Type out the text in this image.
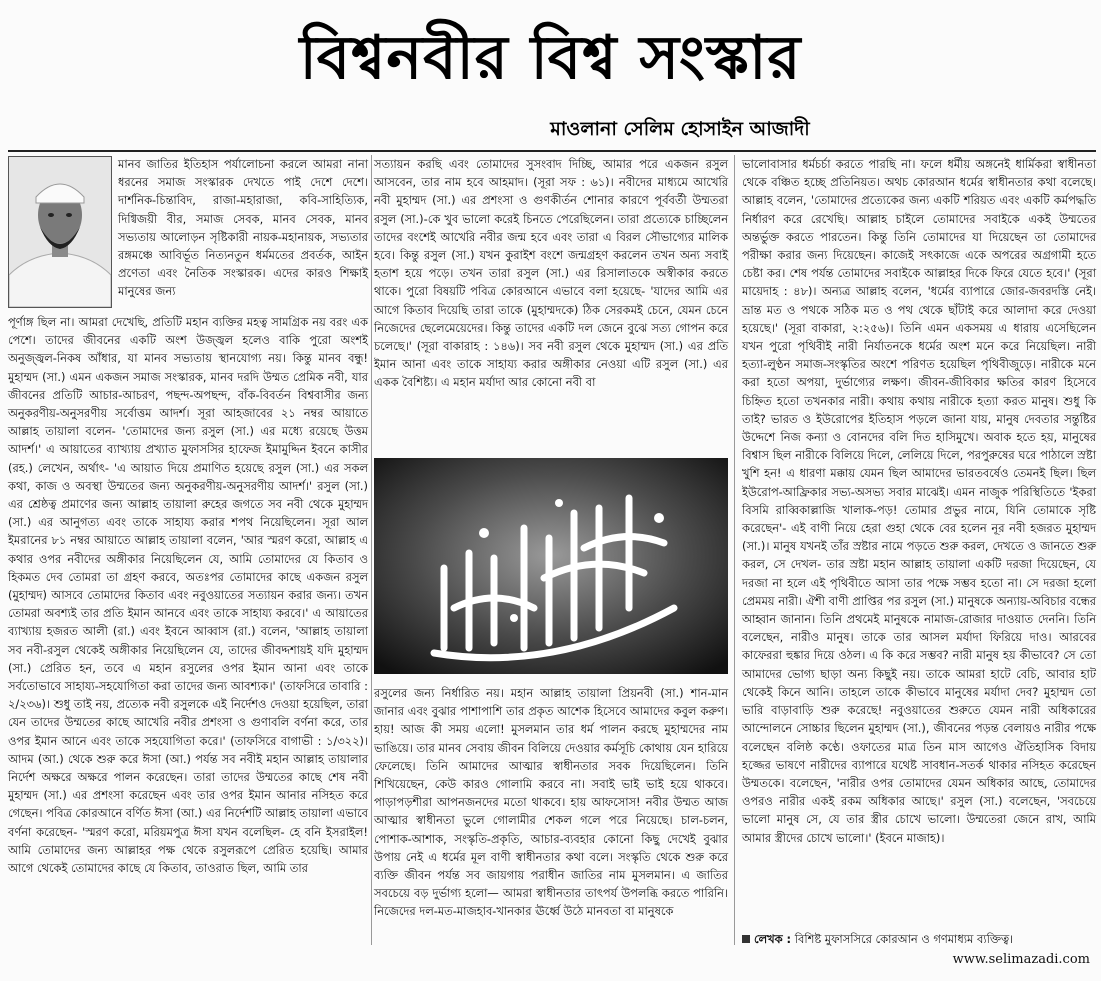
বিশ্বনবীর বিশ্ব সংস্কার
মাওলানা সেলিম হোসাইন আজাদী

মানব জাতির ইতিহাস পর্যালোচনা করলে আমরা নানা ধরনের সমাজ সংস্কারক দেখতে পাই দেশে দেশে। দার্শনিক-চিন্তাবিদ, রাজা-মহারাজা, কবি-সাহিত্যিক, দিগ্বিজয়ী বীর, সমাজ সেবক, মানব সেবক, মানব সভ্যতায় আলোড়ন সৃষ্টিকারী নায়ক-মহানায়ক, সভ্যতার রঙ্গমঞ্চে আবির্ভূত নিত্যনতুন ধর্মমতের প্রবর্তক, আইন প্রণেতা এবং নৈতিক সংস্কারক। এদের কারও শিক্ষাই মানুষের জন্য

পূর্ণাঙ্গ ছিল না। আমরা দেখেছি, প্রতিটি মহান ব্যক্তির মহত্ব সামগ্রিক নয় বরং এক পেশে। তাদের জীবনের একটি অংশ উজ্জ্বল হলেও বাকি পুরো অংশই অনুজ্জ্বল-নিকষ আঁধার, যা মানব সভ্যতায় স্থানযোগ্য নয়। কিন্তু মানব বন্ধু! মুহাম্মদ (সা.) এমন একজন সমাজ সংস্কারক, মানব দরদি উম্মত প্রেমিক নবী, যার জীবনের প্রতিটি আচার-আচরণ, পছন্দ-অপছন্দ, বাঁক-বিবর্তন বিশ্ববাসীর জন্য অনুকরণীয়-অনুসরণীয় সর্বোত্তম আদর্শ। সূরা আহজাবের ২১ নম্বর আয়াতে আল্লাহ তায়ালা বলেন- 'তোমাদের জন্য রসুল (সা.) এর মধ্যে রয়েছে উত্তম আদর্শ।' এ আয়াতের ব্যাখ্যায় প্রখ্যাত মুফাসসির হাফেজ ইমামুদ্দিন ইবনে কাসীর (রহ.) লেখেন, অর্থাৎ- 'এ আয়াত দিয়ে প্রমাণিত হয়েছে রসুল (সা.) এর সকল কথা, কাজ ও অবস্থা উম্মতের জন্য অনুকরণীয়-অনুসরণীয় আদর্শ।' রসুল (সা.) এর শ্রেষ্ঠত্ব প্রমাণের জন্য আল্লাহ তায়ালা রুহের জগতে সব নবী থেকে মুহাম্মদ (সা.) এর আনুগত্য এবং তাকে সাহায্য করার শপথ নিয়েছিলেন। সূরা আল ইমরানের ৮১ নম্বর আয়াতে আল্লাহ তায়ালা বলেন, 'আর স্মরণ করো, আল্লাহ এ কথার ওপর নবীদের অঙ্গীকার নিয়েছিলেন যে, আমি তোমাদের যে কিতাব ও হিকমত দেব তোমরা তা গ্রহণ করবে, অতঃপর তোমাদের কাছে একজন রসুল (মুহাম্মদ) আসবে তোমাদের কিতাব এবং নবুওয়াতের সত্যায়ন করার জন্য। তখন তোমরা অবশ্যই তার প্রতি ইমান আনবে এবং তাকে সাহায্য করবে।' এ আয়াতের ব্যাখ্যায় হজরত আলী (রা.) এবং ইবনে আব্বাস (রা.) বলেন, 'আল্লাহ তায়ালা সব নবী-রসুল থেকেই অঙ্গীকার নিয়েছিলেন যে, তাদের জীবদ্দশায়ই যদি মুহাম্মদ (সা.) প্রেরিত হন, তবে এ মহান রসুলের ওপর ইমান আনা এবং তাকে সর্বতোভাবে সাহায্য-সহযোগিতা করা তাদের জন্য আবশ্যক।' (তাফসিরে তাবারি : ২/২৩৬)। শুধু তাই নয়, প্রত্যেক নবী রসুলকে এই নির্দেশও দেওয়া হয়েছিল, তারা যেন তাদের উম্মতের কাছে আখেরি নবীর প্রশংসা ও গুণাবলি বর্ণনা করে, তার ওপর ইমান আনে এবং তাকে সহযোগিতা করে।' (তাফসিরে বাগাভী : ১/৩২২)। আদম (আ.) থেকে শুরু করে ঈসা (আ.) পর্যন্ত সব নবীই মহান আল্লাহ তায়ালার নির্দেশ অক্ষরে অক্ষরে পালন করেছেন। তারা তাদের উম্মতের কাছে শেষ নবী মুহাম্মদ (সা.) এর প্রশংসা করেছেন এবং তার ওপর ইমান আনার নসিহত করে গেছেন। পবিত্র কোরআনে বর্ণিত ঈসা (আ.) এর নির্দেশটি আল্লাহ তায়ালা এভাবে বর্ণনা করেছেন- 'স্মরণ করো, মরিয়মপুত্র ঈসা যখন বলেছিল- হে বনি ইসরাইল! আমি তোমাদের জন্য আল্লাহর পক্ষ থেকে রসুলরূপে প্রেরিত হয়েছি। আমার আগে থেকেই তোমাদের কাছে যে কিতাব, তাওরাত ছিল, আমি তার

সত্যায়ন করছি এবং তোমাদের সুসংবাদ দিচ্ছি, আমার পরে একজন রসুল আসবেন, তার নাম হবে আহমাদ। (সূরা সফ : ৬১)। নবীদের মাধ্যমে আখেরি নবী মুহাম্মদ (সা.) এর প্রশংসা ও গুণকীর্তন শোনার কারণে পূর্ববর্তী উম্মতরা রসুল (সা.)-কে খুব ভালো করেই চিনতে পেরেছিলেন। তারা প্রত্যেকে চাচ্ছিলেন তাদের বংশেই আখেরি নবীর জন্ম হবে এবং তারা এ বিরল সৌভাগ্যের মালিক হবে। কিন্তু রসুল (সা.) যখন কুরাইশ বংশে জন্মগ্রহণ করলেন তখন অন্য সবাই হতাশ হয়ে পড়ে। তখন তারা রসুল (সা.) এর রিসালাতকে অস্বীকার করতে থাকে। পুরো বিষয়টি পবিত্র কোরআনে এভাবে বলা হয়েছে- 'যাদের আমি এর আগে কিতাব দিয়েছি তারা তাকে (মুহাম্মদকে) ঠিক সেরকমই চেনে, যেমন চেনে নিজেদের ছেলেমেয়েদের। কিন্তু তাদের একটি দল জেনে বুঝে সত্য গোপন করে চলেছে।' (সূরা বাকারাহ : ১৪৬)। সব নবী রসুল থেকে মুহাম্মদ (সা.) এর প্রতি ইমান আনা এবং তাকে সাহায্য করার অঙ্গীকার নেওয়া এটি রসুল (সা.) এর একক বৈশিষ্ট্য। এ মহান মর্যাদা আর কোনো নবী বা

রসুলের জন্য নির্ধারিত নয়। মহান আল্লাহ তায়ালা প্রিয়নবী (সা.) শান-মান জানার এবং বুঝার পাশাপাশি তার প্রকৃত আশেক হিসেবে আমাদের কবুল করুণ। হায়! আজ কী সময় এলো! মুসলমান তার ধর্ম পালন করছে মুহাম্মদের নাম ভাঙিয়ে। তার মানব সেবায় জীবন বিলিয়ে দেওয়ার কর্মসূচি কোথায় যেন হারিয়ে ফেলেছে। তিনি আমাদের আত্মার স্বাধীনতার সবক দিয়েছিলেন। তিনি শিখিয়েছেন, কেউ কারও গোলামি করবে না। সবাই ভাই ভাই হয়ে থাকবে। পাড়াপড়শীরা আপনজনদের মতো থাকবে। হায় আফসোস! নবীর উম্মত আজ আত্মার স্বাধীনতা ভুলে গোলামীর শেকল গলে পরে নিয়েছে। চাল-চলন, পোশাক-আশাক, সংস্কৃতি-প্রকৃতি, আচার-ব্যবহার কোনো কিছু দেখেই বুঝার উপায় নেই এ ধর্মের মূল বাণী স্বাধীনতার কথা বলে। সংস্কৃতি থেকে শুরু করে ব্যক্তি জীবন পর্যন্ত সব জায়গায় পরাধীন জাতির নাম মুসলমান। এ জাতির সবচেয়ে বড় দুর্ভাগ্য হলো— আমরা স্বাধীনতার তাৎপর্য উপলব্ধি করতে পারিনি। নিজেদের দল-মত-মাজহাব-খানকার ঊর্ধ্বে উঠে মানবতা বা মানুষকে

ভালোবাসার ধর্মচর্চা করতে পারছি না। ফলে ধর্মীয় অঙ্গনেই ধার্মিকরা স্বাধীনতা থেকে বঞ্চিত হচ্ছে প্রতিনিয়ত। অথচ কোরআন ধর্মের স্বাধীনতার কথা বলেছে। আল্লাহ বলেন, 'তোমাদের প্রত্যেকের জন্য একটি শরিয়ত এবং একটি কর্মপদ্ধতি নির্ধারণ করে রেখেছি। আল্লাহ চাইলে তোমাদের সবাইকে একই উম্মতের অন্তর্ভুক্ত করতে পারতেন। কিন্তু তিনি তোমাদের যা দিয়েছেন তা তোমাদের পরীক্ষা করার জন্য দিয়েছেন। কাজেই সৎকাজে একে অপরের অগ্রগামী হতে চেষ্টা কর। শেষ পর্যন্ত তোমাদের সবাইকে আল্লাহর দিকে ফিরে যেতে হবে।' (সূরা মায়েদাহ : ৪৮)। অন্যত্র আল্লাহ বলেন, 'ধর্মের ব্যাপারে জোর-জবরদস্তি নেই। ভ্রান্ত মত ও পথকে সঠিক মত ও পথ থেকে ছাঁটাই করে আলাদা করে দেওয়া হয়েছে।' (সূরা বাকারা, ২:২৫৬)। তিনি এমন একসময় এ ধারায় এসেছিলেন যখন পুরো পৃথিবীই নারী নির্যাতনকে ধর্মের অংশ মনে করে নিয়েছিল। নারী হত্যা-লুণ্ঠন সমাজ-সংস্কৃতির অংশে পরিণত হয়েছিল পৃথিবীজুড়ে। নারীকে মনে করা হতো অপয়া, দুর্ভাগ্যের লক্ষণ। জীবন-জীবিকার ক্ষতির কারণ হিসেবে চিহ্নিত হতো তখনকার নারী। কথায় কথায় নারীকে হত্যা করত মানুষ। শুধু কি তাই? ভারত ও ইউরোপের ইতিহাস পড়লে জানা যায়, মানুষ দেবতার সন্তুষ্টির উদ্দেশে নিজ কন্যা ও বোনদের বলি দিত হাসিমুখে। অবাক হতে হয়, মানুষের বিশ্বাস ছিল নারীকে বিলিয়ে দিলে, লেলিয়ে দিলে, পরপুরুষের ঘরে পাঠালে স্রষ্টা খুশি হন! এ ধারণা মক্কায় যেমন ছিল আমাদের ভারতবর্ষেও তেমনই ছিল। ছিল ইউরোপ-আফ্রিকার সভ্য-অসভ্য সবার মাঝেই। এমন নাজুক পরিস্থিতিতে 'ইকরা বিসমি রাব্বিকাল্লাজি খালাক-পড়! তোমার প্রভুর নামে, যিনি তোমাকে সৃষ্টি করেছেন'- এই বাণী নিয়ে হেরা গুহা থেকে বের হলেন নূর নবী হজরত মুহাম্মদ (সা.)। মানুষ যখনই তাঁর স্রষ্টার নামে পড়তে শুরু করল, দেখতে ও জানতে শুরু করল, সে দেখল- তার স্রষ্টা মহান আল্লাহ তায়ালা একটি দরজা দিয়েছেন, যে দরজা না হলে এই পৃথিবীতে আসা তার পক্ষে সম্ভব হতো না। সে দরজা হলো প্রেমময় নারী। ঐশী বাণী প্রাপ্তির পর রসুল (সা.) মানুষকে অন্যায়-অবিচার বন্ধের আহ্বান জানান। তিনি প্রথমেই মানুষকে নামাজ-রোজার দাওয়াত দেননি। তিনি বলেছেন, নারীও মানুষ। তাকে তার আসল মর্যাদা ফিরিয়ে দাও। আরবের কাফেররা হুঙ্কার দিয়ে ওঠল। এ কি করে সম্ভব? নারী মানুষ হয় কীভাবে? সে তো আমাদের ভোগ্য ছাড়া অন্য কিছুই নয়। তাকে আমরা হাটে বেচি, আবার হাট থেকেই কিনে আনি। তাহলে তাকে কীভাবে মানুষের মর্যাদা দেব? মুহাম্মদ তো ভারি বাড়াবাড়ি শুরু করেছে! নবুওয়াতের শুরুতে যেমন নারী অধিকারের আন্দোলনে সোচ্চার ছিলেন মুহাম্মদ (সা.), জীবনের পড়ন্ত বেলায়ও নারীর পক্ষে বলেছেন বলিষ্ঠ কণ্ঠে। ওফাতের মাত্র তিন মাস আগেও ঐতিহাসিক বিদায় হজ্জের ভাষণে নারীদের ব্যাপারে যথেষ্ট সাবধান-সতর্ক থাকার নসিহত করেছেন উম্মতকে। বলেছেন, 'নারীর ওপর তোমাদের যেমন অধিকার আছে, তোমাদের ওপরও নারীর একই রকম অধিকার আছে।' রসুল (সা.) বলেছেন, 'সবচেয়ে ভালো মানুষ সে, যে তার স্ত্রীর চোখে ভালো। উম্মতেরা জেনে রাখ, আমি আমার স্ত্রীদের চোখে ভালো।' (ইবনে মাজাহ)।

লেখক : বিশিষ্ট মুফাসসিরে কোরআন ও গণমাধ্যম ব্যক্তিত্ব।
www.selimazadi.com
